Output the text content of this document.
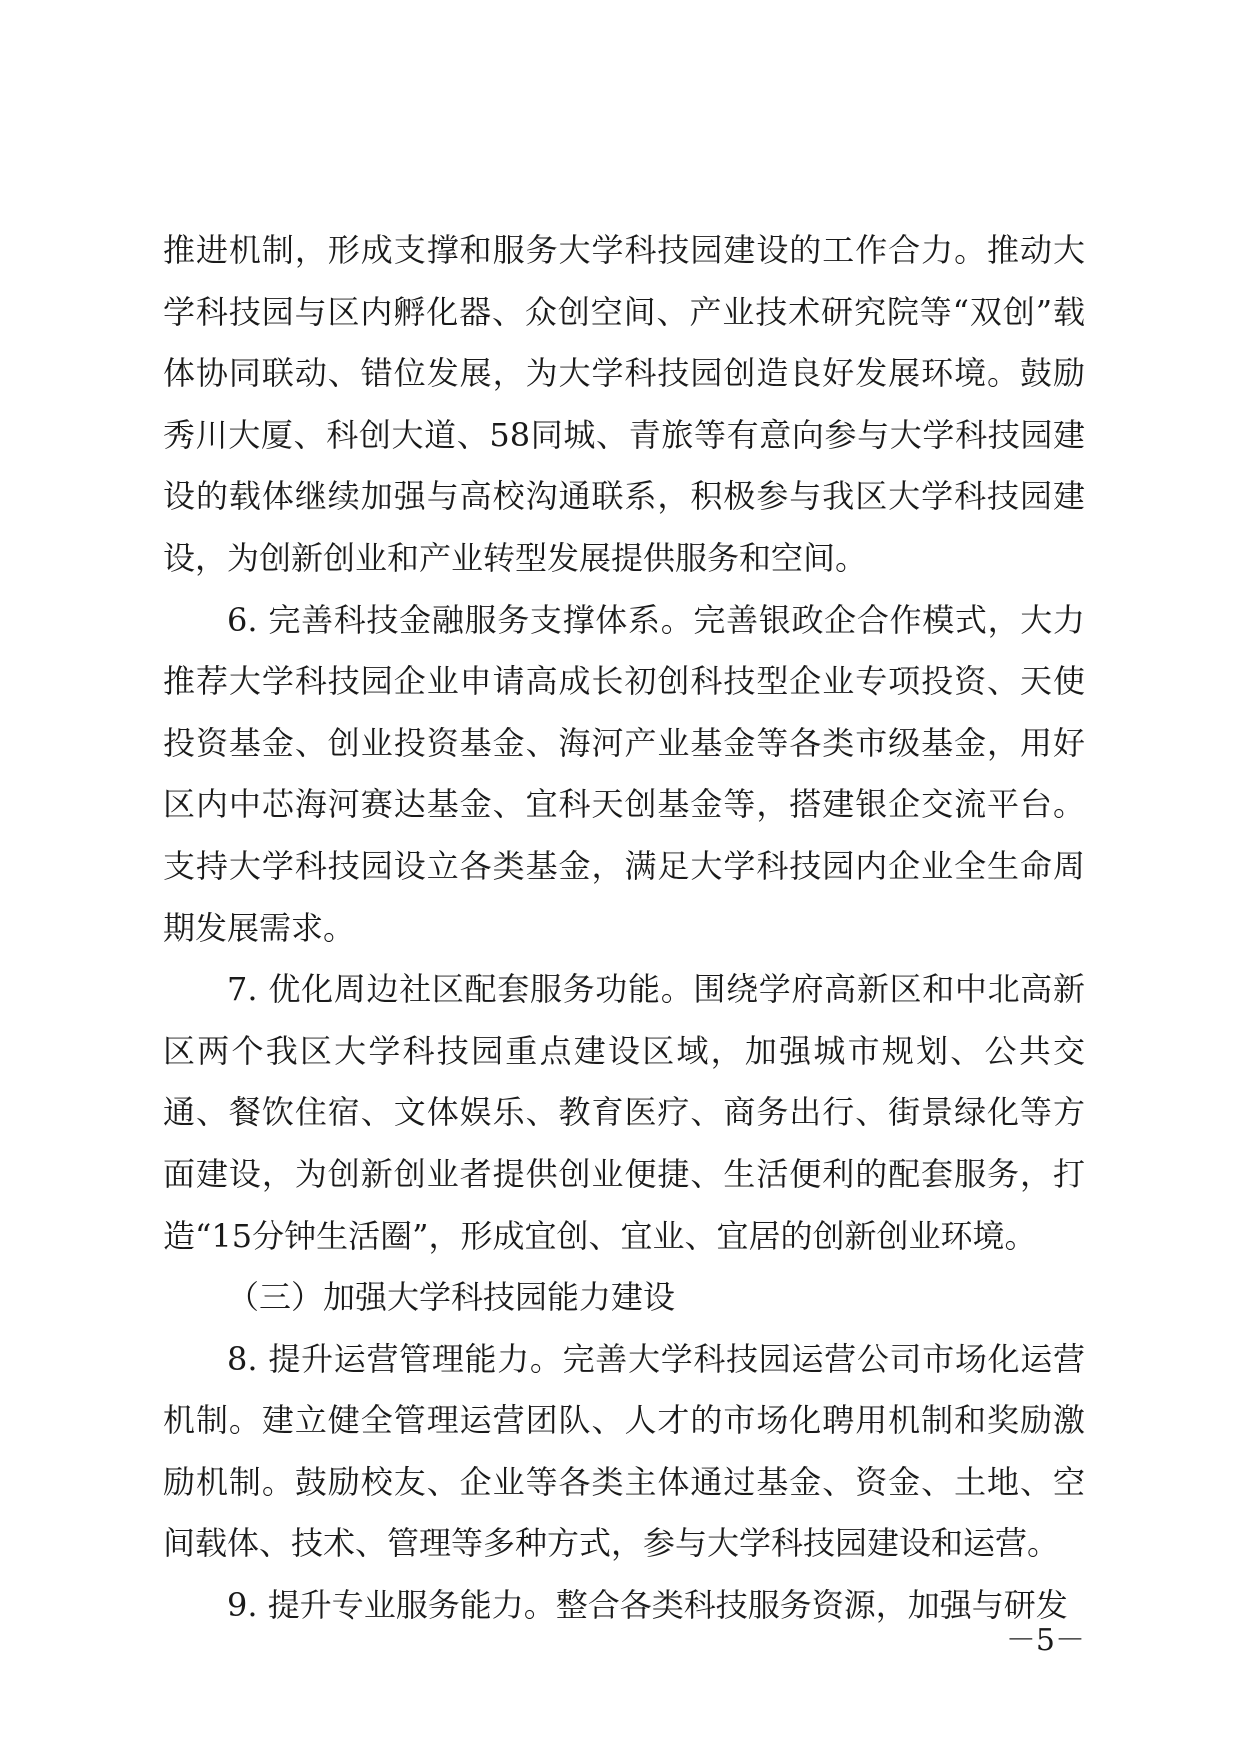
推进机制，形成支撑和服务大学科技园建设的工作合力。推动大学科技园与区内孵化器、众创空间、产业技术研究院等“双创”载体协同联动、错位发展，为大学科技园创造良好发展环境。鼓励秀川大厦、科创大道、58同城、青旅等有意向参与大学科技园建设的载体继续加强与高校沟通联系，积极参与我区大学科技园建设，为创新创业和产业转型发展提供服务和空间。

6. 完善科技金融服务支撑体系。完善银政企合作模式，大力推荐大学科技园企业申请高成长初创科技型企业专项投资、天使投资基金、创业投资基金、海河产业基金等各类市级基金，用好区内中芯海河赛达基金、宜科天创基金等，搭建银企交流平台。支持大学科技园设立各类基金，满足大学科技园内企业全生命周期发展需求。

7. 优化周边社区配套服务功能。围绕学府高新区和中北高新区两个我区大学科技园重点建设区域，加强城市规划、公共交通、餐饮住宿、文体娱乐、教育医疗、商务出行、街景绿化等方面建设，为创新创业者提供创业便捷、生活便利的配套服务，打造“15分钟生活圈”，形成宜创、宜业、宜居的创新创业环境。

（三）加强大学科技园能力建设

8. 提升运营管理能力。完善大学科技园运营公司市场化运营机制。建立健全管理运营团队、人才的市场化聘用机制和奖励激励机制。鼓励校友、企业等各类主体通过基金、资金、土地、空间载体、技术、管理等多种方式，参与大学科技园建设和运营。

9. 提升专业服务能力。整合各类科技服务资源，加强与研发

－5－
